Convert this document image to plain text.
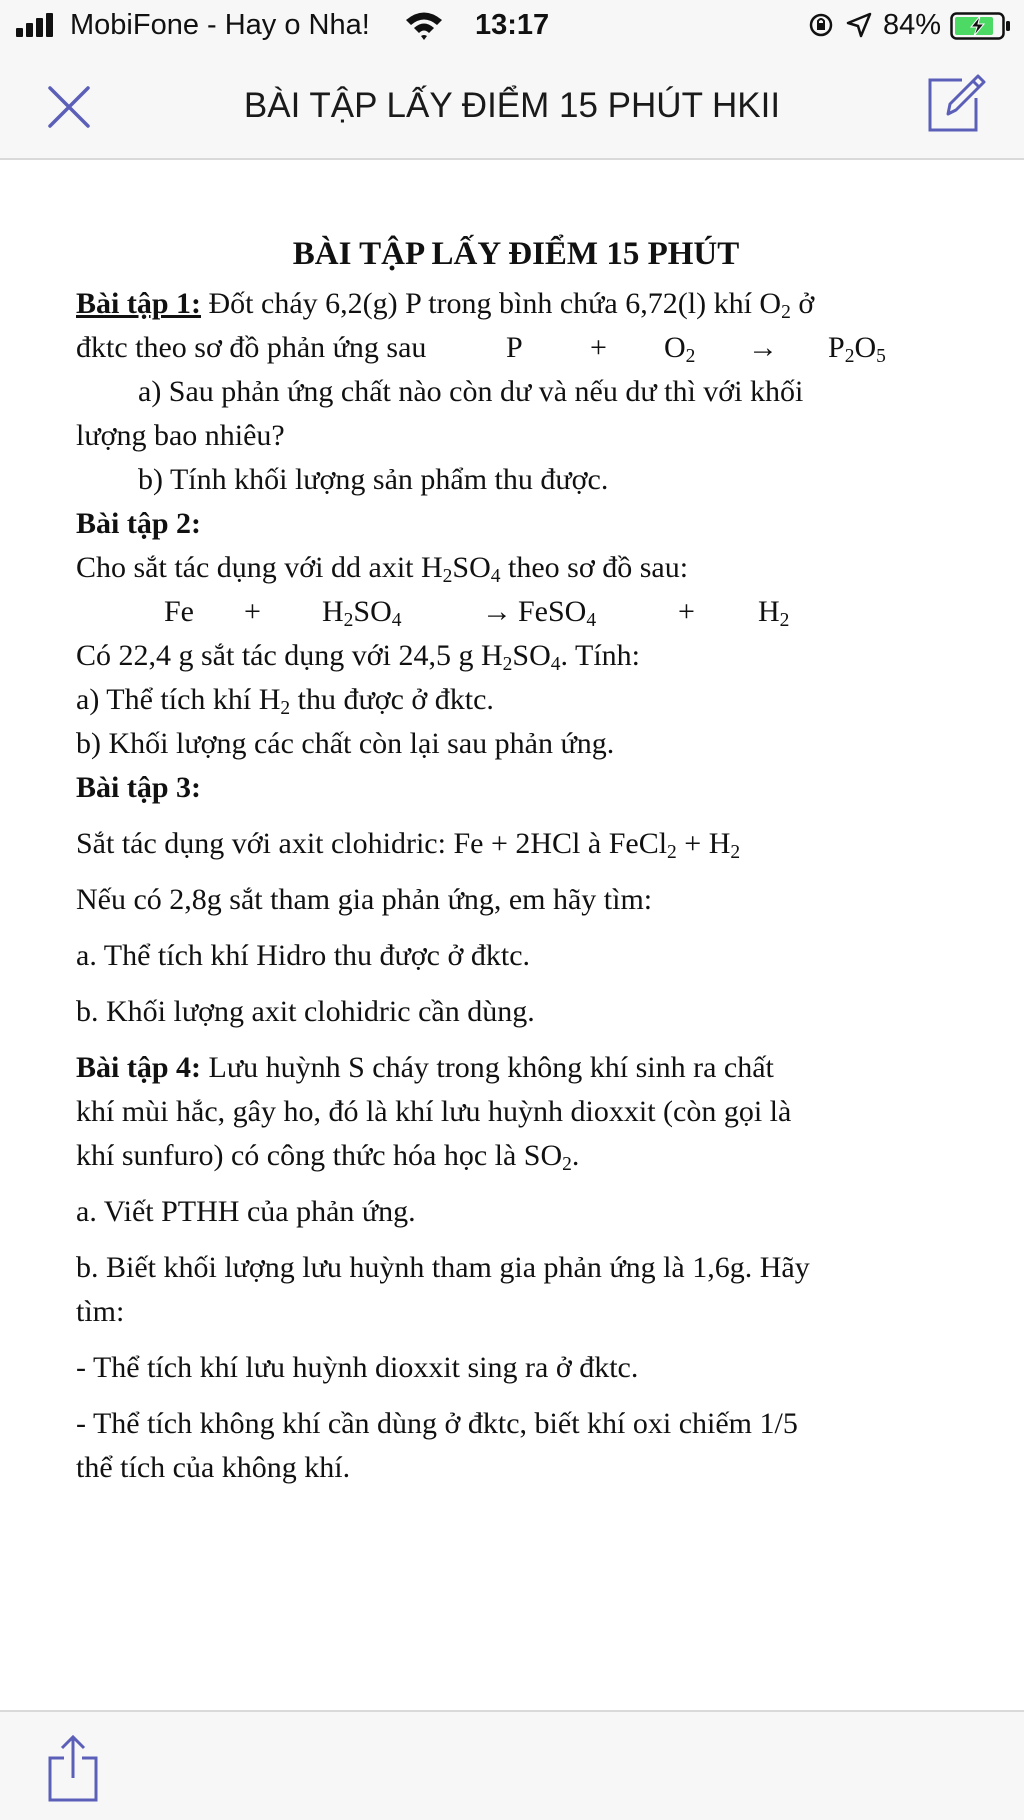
MobiFone - Hay o Nha!	13:17	84%
BÀI TẬP LẤY ĐIỂM 15 PHÚT HKII

BÀI TẬP LẤY ĐIỂM 15 PHÚT

Bài tập 1: Đốt cháy 6,2(g) P trong bình chứa 6,72(l) khí $O_2$ ở

đktc theo sơ đồ phản ứng sau	P	+	$O_2$	→	$P_2O_5$

a) Sau phản ứng chất nào còn dư và nếu dư thì với khối

lượng bao nhiêu?

b) Tính khối lượng sản phẩm thu được.

Bài tập 2:

Cho sắt tác dụng với dd axit $H_2SO_4$ theo sơ đồ sau:

Fe	+	$H_2SO_4$	→ FeSO$_4$	+	$H_2$

Có 22,4 g sắt tác dụng với 24,5 g $H_2SO_4$. Tính:

a) Thể tích khí $H_2$ thu được ở đktc.

b) Khối lượng các chất còn lại sau phản ứng.

Bài tập 3:

Sắt tác dụng với axit clohidric: Fe + 2HCl à FeCl$_2$ + $H_2$

Nếu có 2,8g sắt tham gia phản ứng, em hãy tìm:

a. Thể tích khí Hidro thu được ở đktc.

b. Khối lượng axit clohidric cần dùng.

Bài tập 4: Lưu huỳnh S cháy trong không khí sinh ra chất

khí mùi hắc, gây ho, đó là khí lưu huỳnh dioxxit (còn gọi là

khí sunfuro) có công thức hóa học là $SO_2$.

a. Viết PTHH của phản ứng.

b. Biết khối lượng lưu huỳnh tham gia phản ứng là 1,6g. Hãy

tìm:

- Thể tích khí lưu huỳnh dioxxit sing ra ở đktc.

- Thể tích không khí cần dùng ở đktc, biết khí oxi chiếm 1/5

thể tích của không khí.
